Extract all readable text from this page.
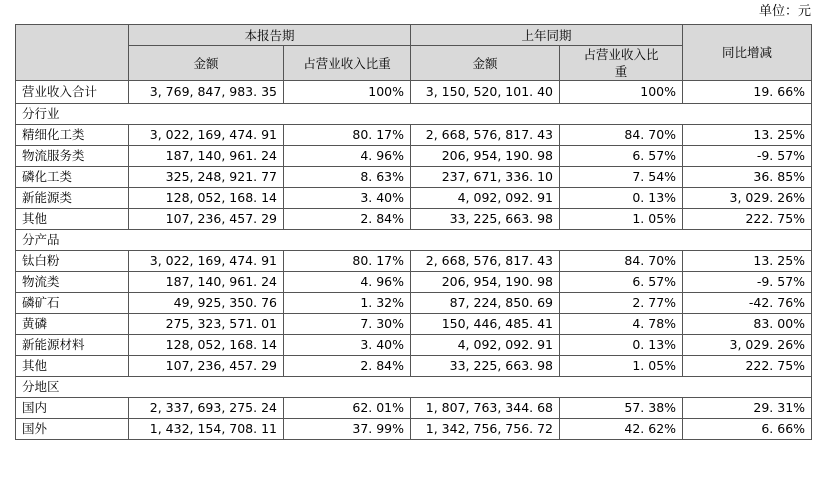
单位：元
	本报告期		上年同期		同比增减
	金额	占营业收入比重	金额	占营业收入比重	
营业收入合计	3, 769, 847, 983. 35	100%	3, 150, 520, 101. 40	100%	19. 66%
分行业					
精细化工类	3, 022, 169, 474. 91	80. 17%	2, 668, 576, 817. 43	84. 70%	13. 25%
物流服务类	187, 140, 961. 24	4. 96%	206, 954, 190. 98	6. 57%	-9. 57%
磷化工类	325, 248, 921. 77	8. 63%	237, 671, 336. 10	7. 54%	36. 85%
新能源类	128, 052, 168. 14	3. 40%	4, 092, 092. 91	0. 13%	3, 029. 26%
其他	107, 236, 457. 29	2. 84%	33, 225, 663. 98	1. 05%	222. 75%
分产品					
钛白粉	3, 022, 169, 474. 91	80. 17%	2, 668, 576, 817. 43	84. 70%	13. 25%
物流类	187, 140, 961. 24	4. 96%	206, 954, 190. 98	6. 57%	-9. 57%
磷矿石	49, 925, 350. 76	1. 32%	87, 224, 850. 69	2. 77%	-42. 76%
黄磷	275, 323, 571. 01	7. 30%	150, 446, 485. 41	4. 78%	83. 00%
新能源材料	128, 052, 168. 14	3. 40%	4, 092, 092. 91	0. 13%	3, 029. 26%
其他	107, 236, 457. 29	2. 84%	33, 225, 663. 98	1. 05%	222. 75%
分地区					
国内	2, 337, 693, 275. 24	62. 01%	1, 807, 763, 344. 68	57. 38%	29. 31%
国外	1, 432, 154, 708. 11	37. 99%	1, 342, 756, 756. 72	42. 62%	6. 66%
